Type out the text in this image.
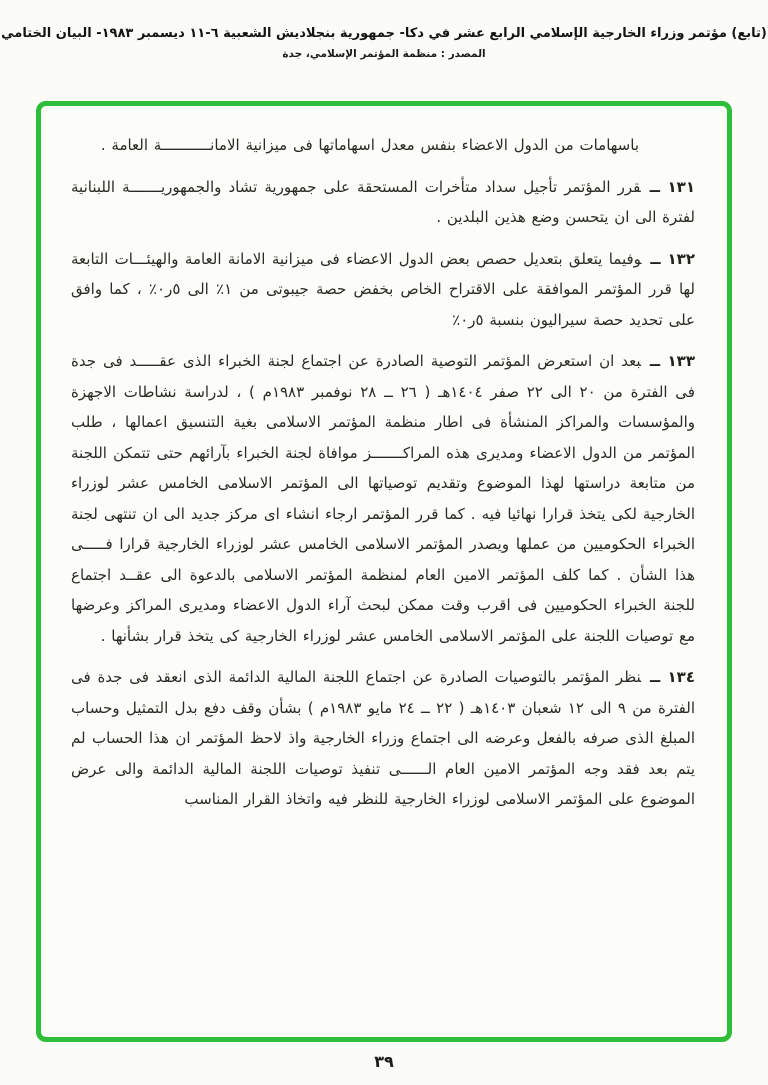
(تابع) مؤتمر وزراء الخارجية الإسلامي الرابع عشر في دكا- جمهورية بنجلاديش الشعبية ٦-١١ ديسمبر ١٩٨٣- البيان الختامي
المصدر : منظمة المؤتمر الإسلامي، جدة

باسهامات من الدول الاعضاء بنفس معدل اسهاماتها فى ميزانية الامانـــــــــــة العامة .

١٣١ ــقرر المؤتمر تأجيل سداد متأخرات المستحقة على جمهورية تشاد والجمهوريـــــــة اللبنانية لفترة الى ان يتحسن وضع هذين البلدين .
١٣٢ ــوفيما يتعلق بتعديل حصص بعض الدول الاعضاء فى ميزانية الامانة العامة والهيئـــات التابعة لها قرر المؤتمر الموافقة على الاقتراح الخاص بخفض حصة جيبوتى من ١٪ الى ٥ر٠٪ ، كما وافق على تحديد حصة سيراليون بنسبة ٥ر٠٪
١٣٣ ــبعد ان استعرض المؤتمر التوصية الصادرة عن اجتماع لجنة الخبراء الذى عقـــــد فى جدة فى الفترة من ٢٠ الى ٢٢ صفر ١٤٠٤هـ ( ٢٦ ــ ٢٨ نوفمبر ١٩٨٣م ) ، لدراسة نشاطات الاجهزة والمؤسسات والمراكز المنشأة فى اطار منظمة المؤتمر الاسلامى بغية التنسيق اعمالها ، طلب المؤتمر من الدول الاعضاء ومديرى هذه المراكـــــــز موافاة لجنة الخبراء بآرائهم حتى تتمكن اللجنة من متابعة دراستها لهذا الموضوع وتقديم توصياتها الى المؤتمر الاسلامى الخامس عشر لوزراء الخارجية لكى يتخذ قرارا نهائيا فيه . كما قرر المؤتمر ارجاء انشاء اى مركز جديد الى ان تنتهى لجنة الخبراء الحكوميين من عملها ويصدر المؤتمر الاسلامى الخامس عشر لوزراء الخارجية قرارا فـــــى هذا الشأن . كما كلف المؤتمر الامين العام لمنظمة المؤتمر الاسلامى بالدعوة الى عقــد اجتماع للجنة الخبراء الحكوميين فى اقرب وقت ممكن لبحث آراء الدول الاعضاء ومديرى المراكز وعرضها مع توصيات اللجنة على المؤتمر الاسلامى الخامس عشر لوزراء الخارجية كى يتخذ قرار بشأنها .
١٣٤ ــنظر المؤتمر بالتوصيات الصادرة عن اجتماع اللجنة المالية الدائمة الذى انعقد فى جدة فى الفترة من ٩ الى ١٢ شعبان ١٤٠٣هـ ( ٢٢ ــ ٢٤ مايو ١٩٨٣م ) بشأن وقف دفع بدل التمثيل وحساب المبلغ الذى صرفه بالفعل وعرضه الى اجتماع وزراء الخارجية واذ لاحظ المؤتمر ان هذا الحساب لم يتم بعد فقد وجه المؤتمر الامين العام الــــــى تنفيذ توصيات اللجنة المالية الدائمة والى عرض الموضوع على المؤتمر الاسلامى لوزراء الخارجية للنظر فيه واتخاذ القرار المناسب
٣٩
